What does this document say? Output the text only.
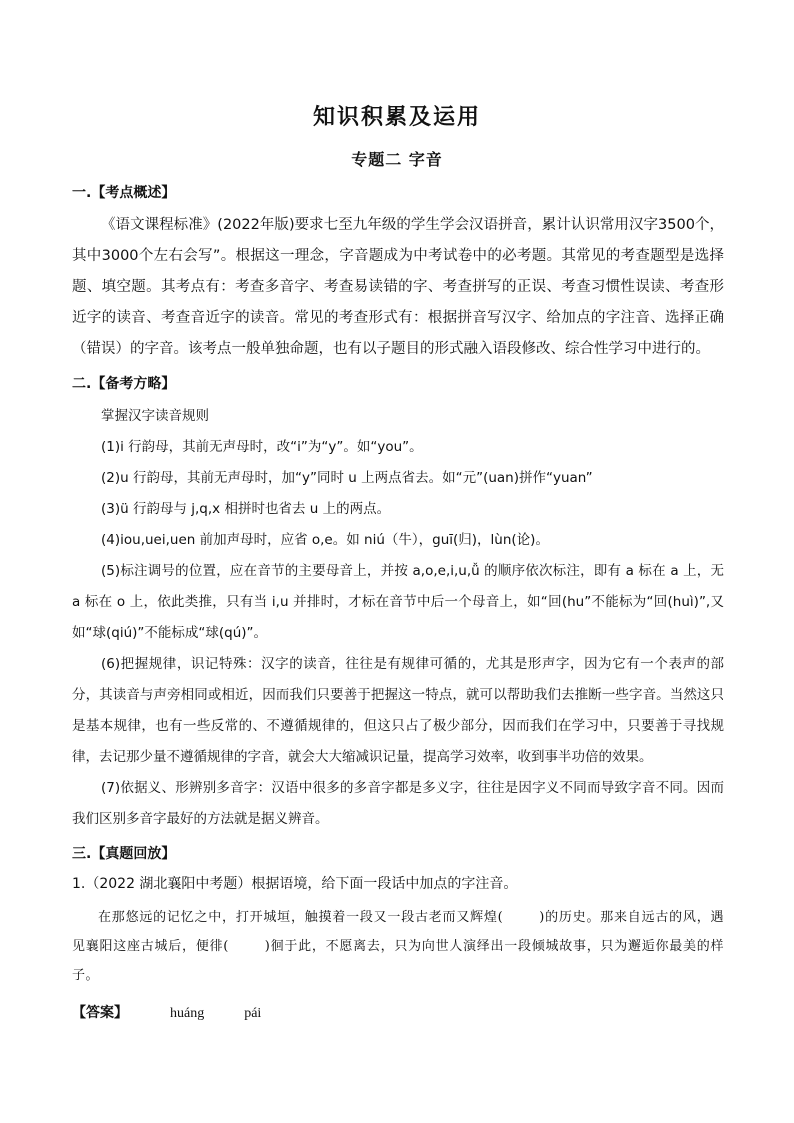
知识积累及运用
专题二 字音
一.【考点概述】

《语文课程标准》(2022年版)要求七至九年级的学生学会汉语拼音，累计认识常用汉字3500个，其中3000个左右会写”。根据这一理念，字音题成为中考试卷中的必考题。其常见的考查题型是选择题、填空题。其考点有：考查多音字、考查易读错的字、考查拼写的正误、考查习惯性误读、考查形近字的读音、考查音近字的读音。常见的考查形式有：根据拼音写汉字、给加点的字注音、选择正确（错误）的字音。该考点一般单独命题，也有以子题目的形式融入语段修改、综合性学习中进行的。

二.【备考方略】

掌握汉字读音规则

(1)i 行韵母，其前无声母时，改“i”为“y”。如“you”。

(2)u 行韵母，其前无声母时，加“y”同时 u 上两点省去。如“元”(uan)拼作“yuan”

(3)ü 行韵母与 j,q,x 相拼时也省去 u 上的两点。

(4)iou,uei,uen 前加声母时，应省 o,e。如 niú（牛），guī(归)，lùn(论)。

(5)标注调号的位置，应在音节的主要母音上，并按 a,o,e,i,u,ǚ 的顺序依次标注，即有 a 标在 a 上，无 a 标在 o 上，依此类推，只有当 i,u 并排时，才标在音节中后一个母音上，如“回(hu”不能标为“回(huì)”,又如“球(qiú)”不能标成“球(qú)”。

(6)把握规律，识记特殊：汉字的读音，往往是有规律可循的，尤其是形声字，因为它有一个表声的部分，其读音与声旁相同或相近，因而我们只要善于把握这一特点，就可以帮助我们去推断一些字音。当然这只是基本规律，也有一些反常的、不遵循规律的，但这只占了极少部分，因而我们在学习中，只要善于寻找规律，去记那少量不遵循规律的字音，就会大大缩减识记量，提高学习效率，收到事半功倍的效果。

(7)依据义、形辨别多音字：汉语中很多的多音字都是多义字，往往是因字义不同而导致字音不同。因而我们区别多音字最好的方法就是据义辨音。

三.【真题回放】
1.（2022 湖北襄阳中考题）根据语境，给下面一段话中加点的字注音。

在那悠远的记忆之中，打开城垣，触摸着一段又一段古老而又辉煌(	)的历史。那来自远古的风，遇见襄阳这座古城后，便徘(	)徊于此，不愿离去，只为向世人演绎出一段倾城故事，只为邂逅你最美的样子。

【答案】	huáng	pái
